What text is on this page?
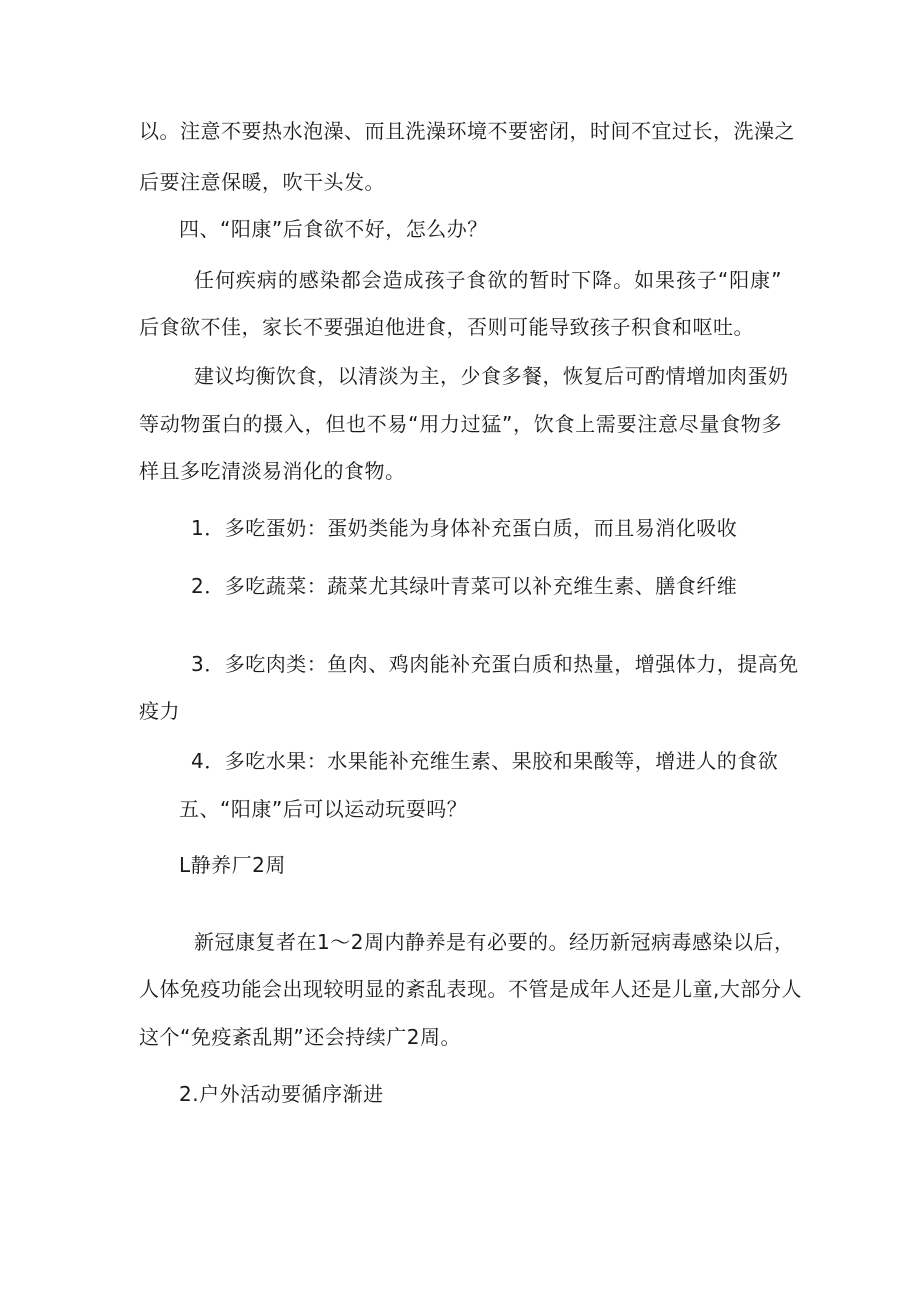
以。注意不要热水泡澡、而且洗澡环境不要密闭，时间不宜过长，洗澡之
后要注意保暖，吹干头发。
四、“阳康”后食欲不好，怎么办？
任何疾病的感染都会造成孩子食欲的暂时下降。如果孩子“阳康”
后食欲不佳，家长不要强迫他进食，否则可能导致孩子积食和呕吐。
建议均衡饮食，以清淡为主，少食多餐，恢复后可酌情增加肉蛋奶
等动物蛋白的摄入，但也不易“用力过猛”，饮食上需要注意尽量食物多
样且多吃清淡易消化的食物。
1．多吃蛋奶：蛋奶类能为身体补充蛋白质，而且易消化吸收
2．多吃蔬菜：蔬菜尤其绿叶青菜可以补充维生素、膳食纤维
3．多吃肉类：鱼肉、鸡肉能补充蛋白质和热量，增强体力，提高免
疫力
4．多吃水果：水果能补充维生素、果胶和果酸等，增进人的食欲
五、“阳康”后可以运动玩耍吗？
L静养厂2周
新冠康复者在1～2周内静养是有必要的。经历新冠病毒感染以后，
人体免疫功能会出现较明显的紊乱表现。不管是成年人还是儿童,大部分人
这个“免疫紊乱期”还会持续广2周。
2.户外活动要循序渐进
